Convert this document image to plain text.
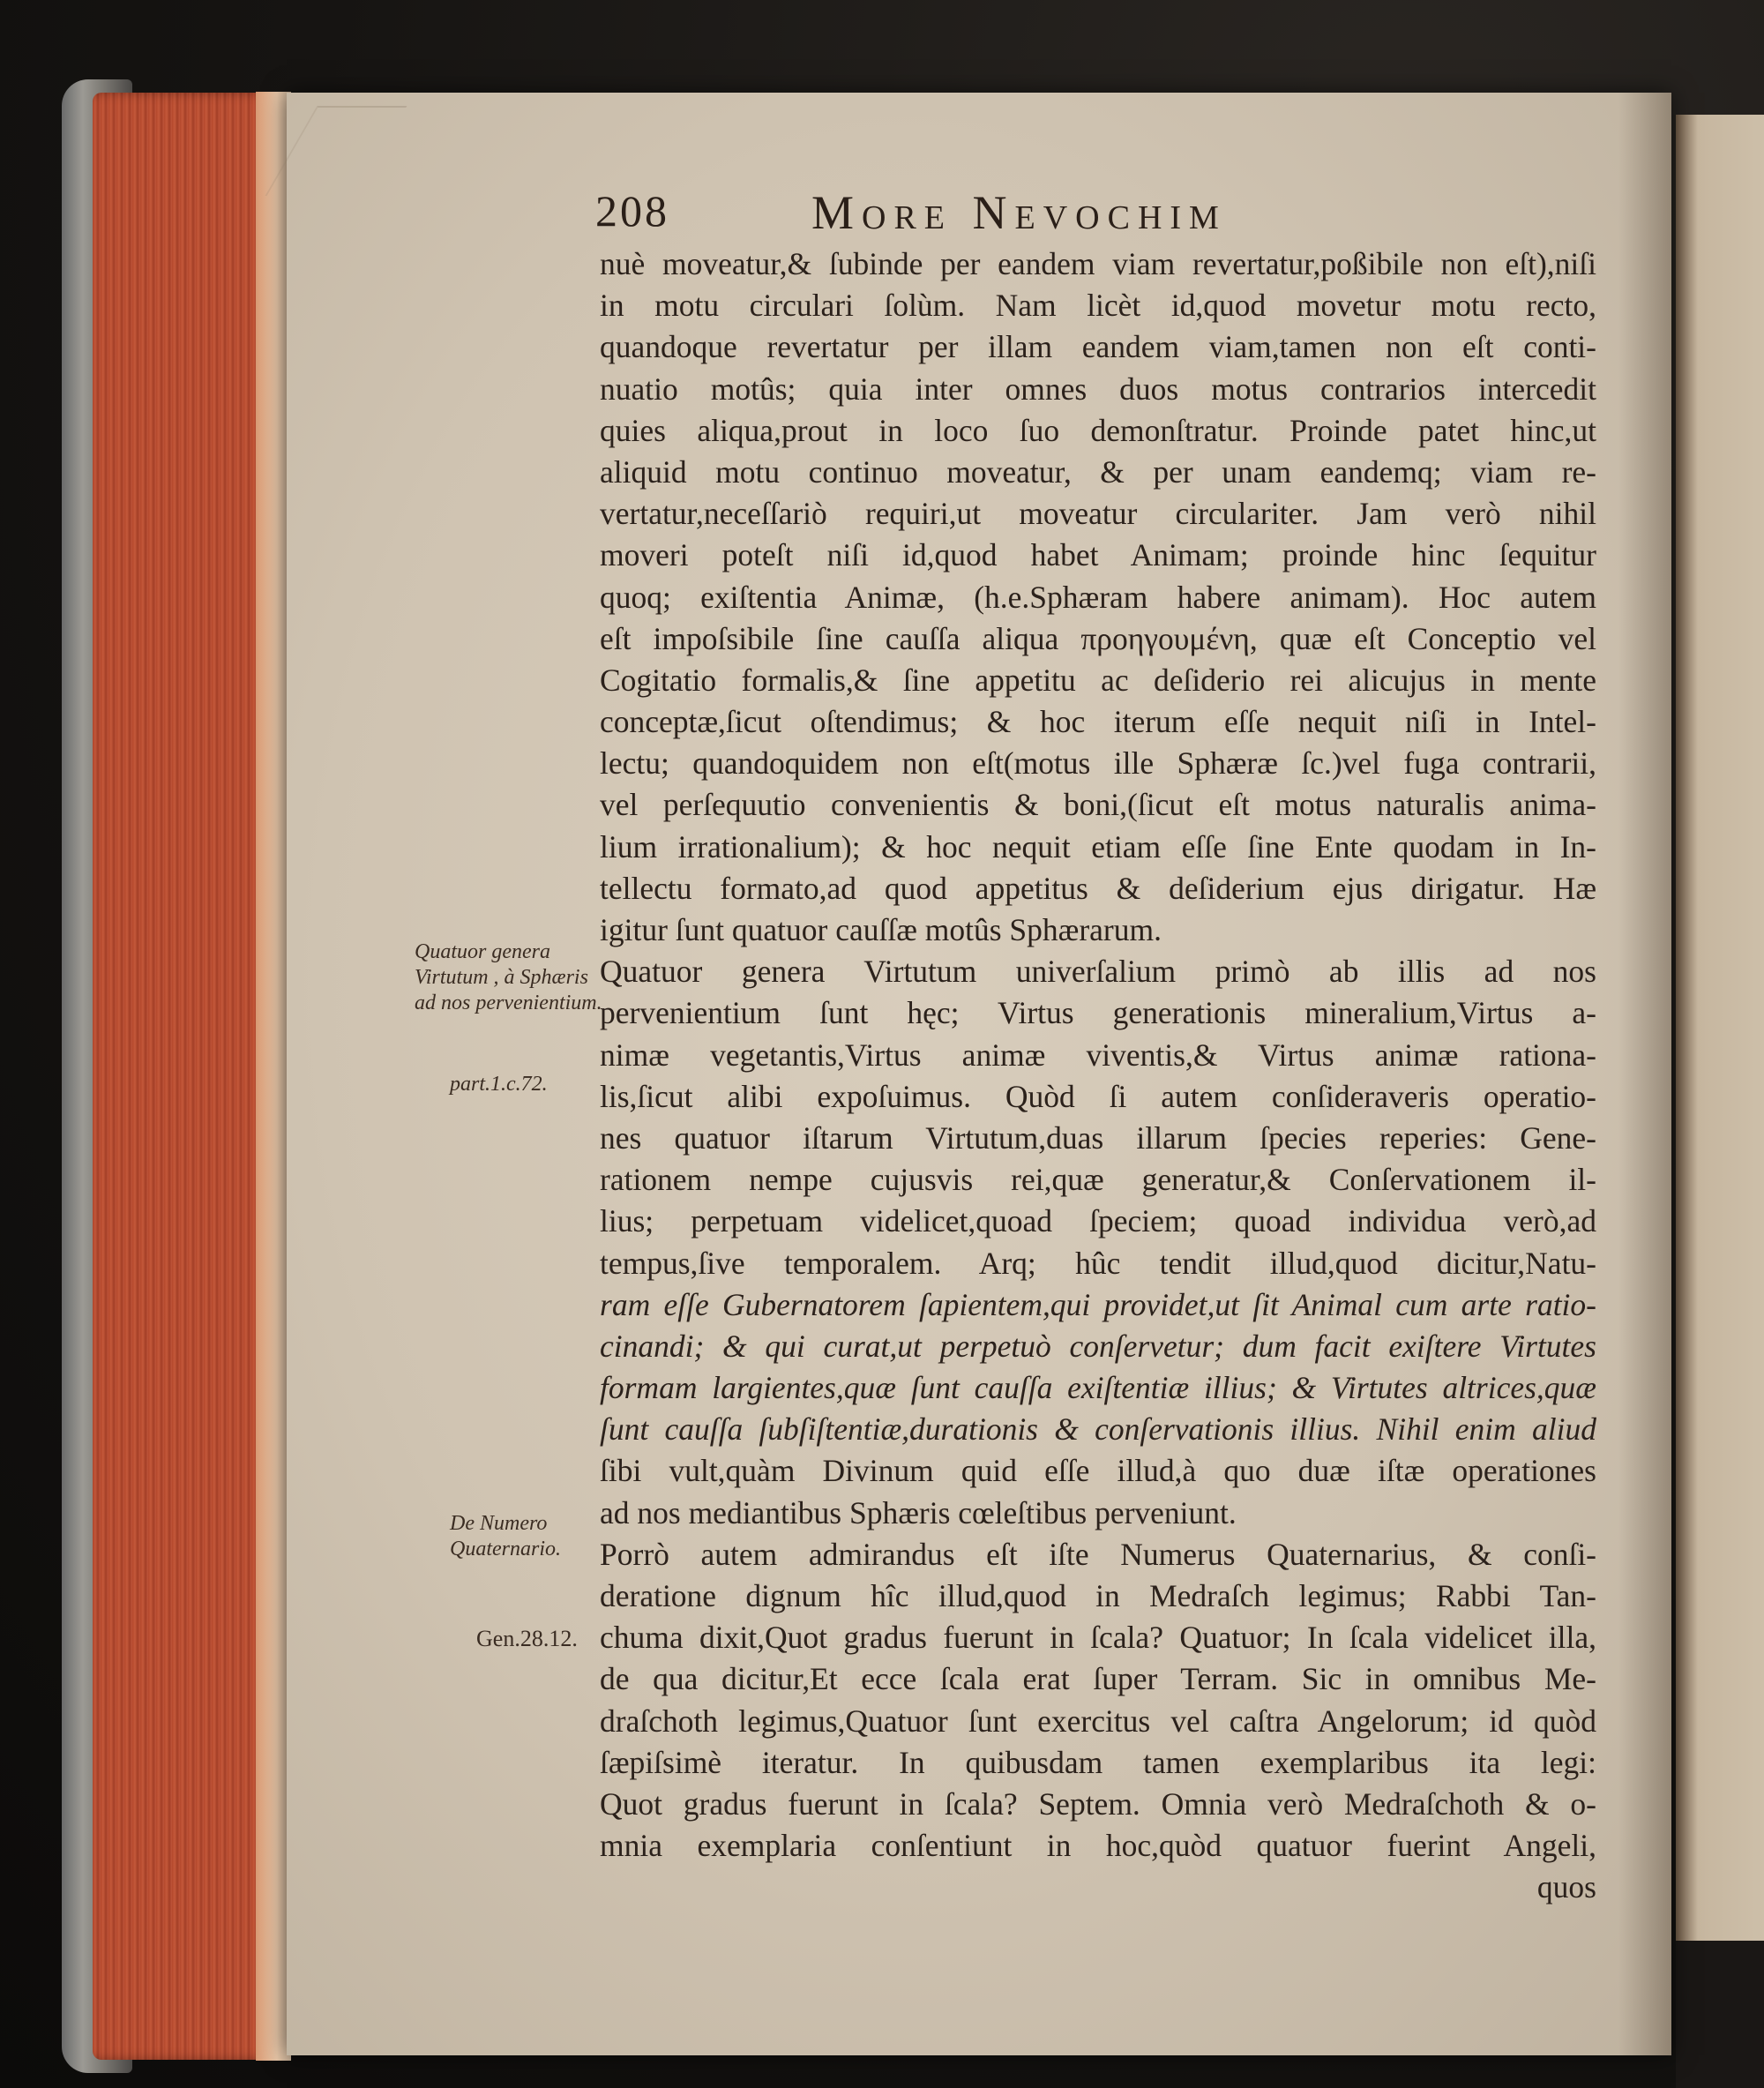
208	More Nevochim
nuè moveatur,& ſubinde per eandem viam revertatur,poßibile non eſt),niſi
in motu circulari ſolùm. Nam licèt id,quod movetur motu recto,
quandoque revertatur per illam eandem viam,tamen non eſt conti-
nuatio motûs; quia inter omnes duos motus contrarios intercedit
quies aliqua,prout in loco ſuo demonſtratur. Proinde patet hinc,ut
aliquid motu continuo moveatur, & per unam eandemq; viam re-
vertatur,neceſſariò requiri,ut moveatur circulariter. Jam verò nihil
moveri poteſt niſi id,quod habet Animam; proinde hinc ſequitur
quoq; exiſtentia Animæ, (h.e.Sphæram habere animam). Hoc autem
eſt impoſsibile ſine cauſſa aliqua προηγουμένη, quæ eſt Conceptio vel
Cogitatio formalis,& ſine appetitu ac deſiderio rei alicujus in mente
conceptæ,ſicut oſtendimus; & hoc iterum eſſe nequit niſi in Intel-
lectu; quandoquidem non eſt(motus ille Sphæræ ſc.)vel fuga contrarii,
vel perſequutio convenientis & boni,(ſicut eſt motus naturalis anima-
lium irrationalium); & hoc nequit etiam eſſe ſine Ente quodam in In-
tellectu formato,ad quod appetitus & deſiderium ejus dirigatur. Hæ
igitur ſunt quatuor cauſſæ motûs Sphærarum.
Quatuor genera Virtutum univerſalium primò ab illis ad nos
pervenientium ſunt hęc; Virtus generationis mineralium,Virtus a-
nimæ vegetantis,Virtus animæ viventis,& Virtus animæ rationa-
lis,ſicut alibi expoſuimus. Quòd ſi autem conſideraveris operatio-
nes quatuor iſtarum Virtutum,duas illarum ſpecies reperies: Gene-
rationem nempe cujusvis rei,quæ generatur,& Conſervationem il-
lius; perpetuam videlicet,quoad ſpeciem; quoad individua verò,ad
tempus,ſive temporalem. Arq; hûc tendit illud,quod dicitur,Natu-
ram eſſe Gubernatorem ſapientem,qui providet,ut ſit Animal cum arte ratio-
cinandi; & qui curat,ut perpetuò conſervetur; dum facit exiſtere Virtutes
formam largientes,quæ ſunt cauſſa exiſtentiæ illius; & Virtutes altrices,quæ
ſunt cauſſa ſubſiſtentiæ,durationis & conſervationis illius. Nihil enim aliud
ſibi vult,quàm Divinum quid eſſe illud,à quo duæ iſtæ operationes
ad nos mediantibus Sphæris cœleſtibus perveniunt.
Porrò autem admirandus eſt iſte Numerus Quaternarius, & conſi-
deratione dignum hîc illud,quod in Medraſch legimus; Rabbi Tan-
chuma dixit,Quot gradus fuerunt in ſcala? Quatuor; In ſcala videlicet illa,
de qua dicitur,Et ecce ſcala erat ſuper Terram. Sic in omnibus Me-
draſchoth legimus,Quatuor ſunt exercitus vel caſtra Angelorum; id quòd
ſæpiſsimè iteratur. In quibusdam tamen exemplaribus ita legi:
Quot gradus fuerunt in ſcala? Septem. Omnia verò Medraſchoth & o-
mnia exemplaria conſentiunt in hoc,quòd quatuor fuerint Angeli,
quos
Quatuor genera Virtutum , à Sphæris ad nos pervenientium.
part.1.c.72.
De Numero Quaternario.
Gen.28.12.
